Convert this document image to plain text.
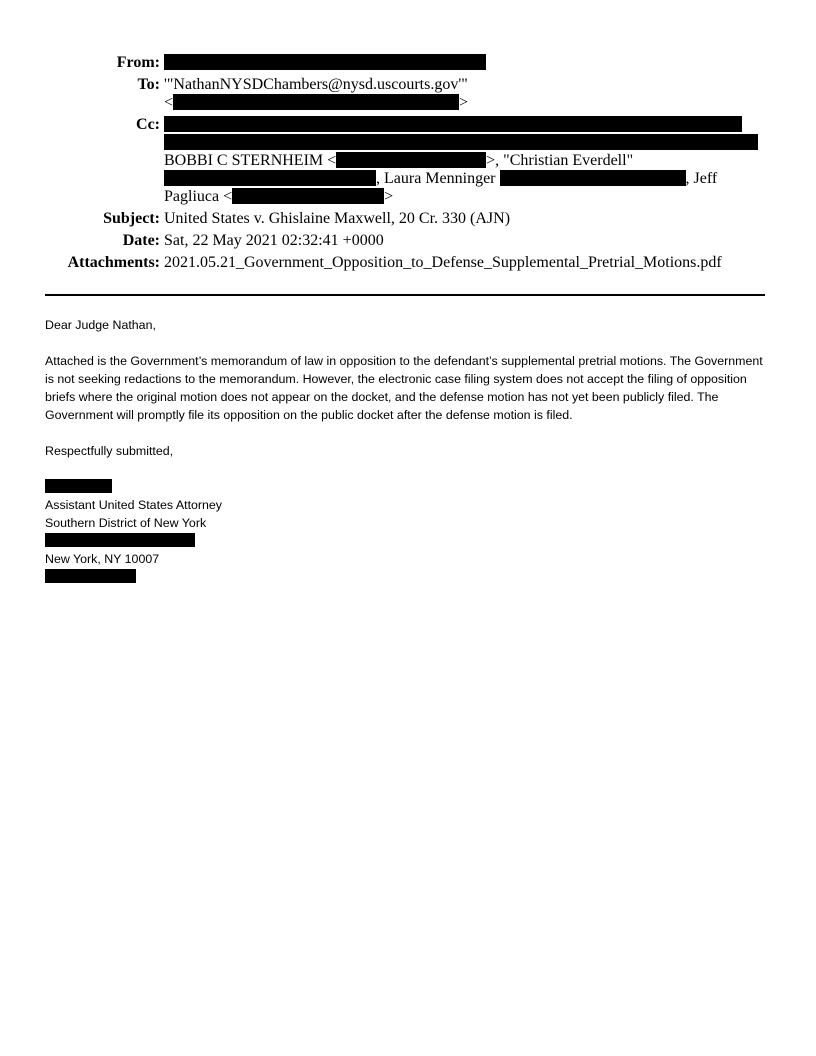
From:
To: '"NathanNYSDChambers@nysd.uscourts.gov'"
<	>
Cc:
BOBBI C STERNHEIM <	>, "Christian Everdell"
, Laura Menninger	, Jeff
Pagliuca <	>
Subject: United States v. Ghislaine Maxwell, 20 Cr. 330 (AJN)
Date: Sat, 22 May 2021 02:32:41 +0000
Attachments: 2021.05.21_Government_Opposition_to_Defense_Supplemental_Pretrial_Motions.pdf

Dear Judge Nathan,

Attached is the Government’s memorandum of law in opposition to the defendant’s supplemental pretrial motions. The Government is not seeking redactions to the memorandum. However, the electronic case filing system does not accept the filing of opposition briefs where the original motion does not appear on the docket, and the defense motion has not yet been publicly filed. The Government will promptly file its opposition on the public docket after the defense motion is filed.

Respectfully submitted,

Assistant United States Attorney
Southern District of New York
New York, NY 10007
